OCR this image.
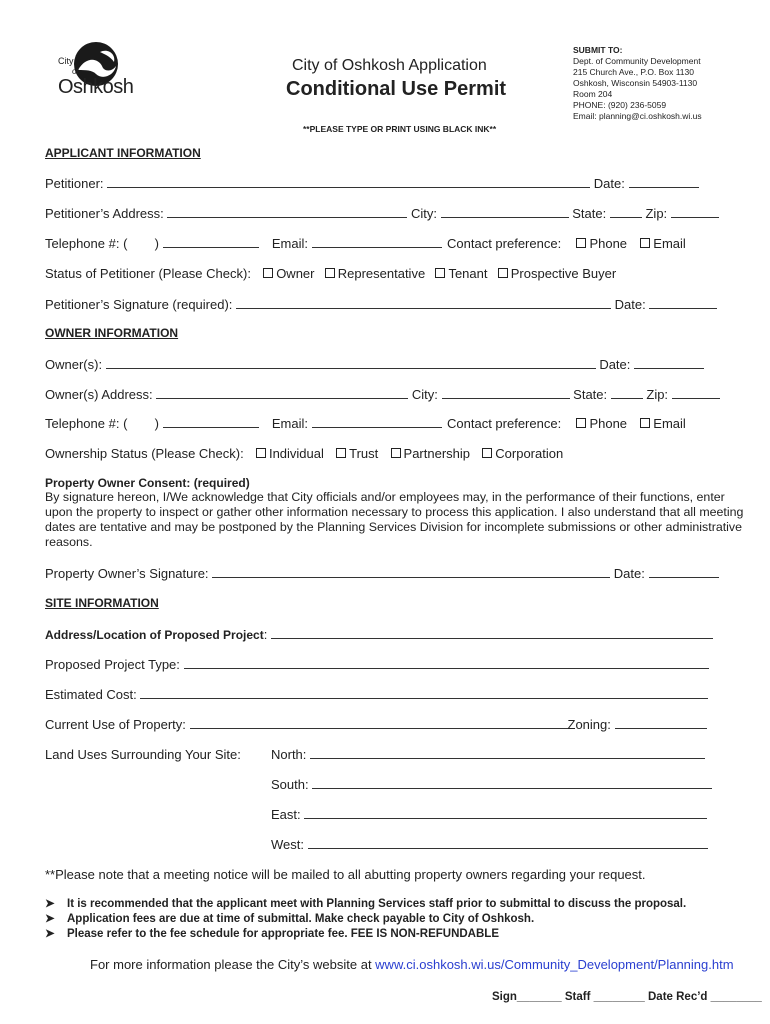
City
of
Oshkosh
City of Oshkosh Application
Conditional Use Permit
**PLEASE TYPE OR PRINT USING BLACK INK**
SUBMIT TO:
Dept. of Community Development
215 Church Ave., P.O. Box 1130
Oshkosh, Wisconsin 54903-1130
Room 204
PHONE: (920) 236-5059
Email: planning@ci.oshkosh.wi.us
APPLICANT INFORMATION
Petitioner:	Date:
Petitioner’s Address:	City:	State:	Zip:
Telephone #: ( )	Email:	Contact preference: Phone Email
Status of Petitioner (Please Check): Owner Representative Tenant Prospective Buyer
Petitioner’s Signature (required):	Date:
OWNER INFORMATION
Owner(s):	Date:
Owner(s) Address:	City:	State:	Zip:
Telephone #: ( )	Email:	Contact preference: Phone Email
Ownership Status (Please Check): Individual Trust Partnership Corporation
Property Owner Consent: (required)
By signature hereon, I/We acknowledge that City officials and/or employees may, in the performance of their functions, enter upon the property to inspect or gather other information necessary to process this application. I also understand that all meeting dates are tentative and may be postponed by the Planning Services Division for incomplete submissions or other administrative reasons.
Property Owner’s Signature:	Date:
SITE INFORMATION
Address/Location of Proposed Project:
Proposed Project Type:
Estimated Cost:
Current Use of Property:	Zoning:
Land Uses Surrounding Your Site: North:
South:
East:
West:
**Please note that a meeting notice will be mailed to all abutting property owners regarding your request.
➤ It is recommended that the applicant meet with Planning Services staff prior to submittal to discuss the proposal.
➤ Application fees are due at time of submittal. Make check payable to City of Oshkosh.
➤ Please refer to the fee schedule for appropriate fee. FEE IS NON-REFUNDABLE
For more information please the City’s website at www.ci.oshkosh.wi.us/Community_Development/Planning.htm
Sign_______ Staff ________ Date Rec’d ________
